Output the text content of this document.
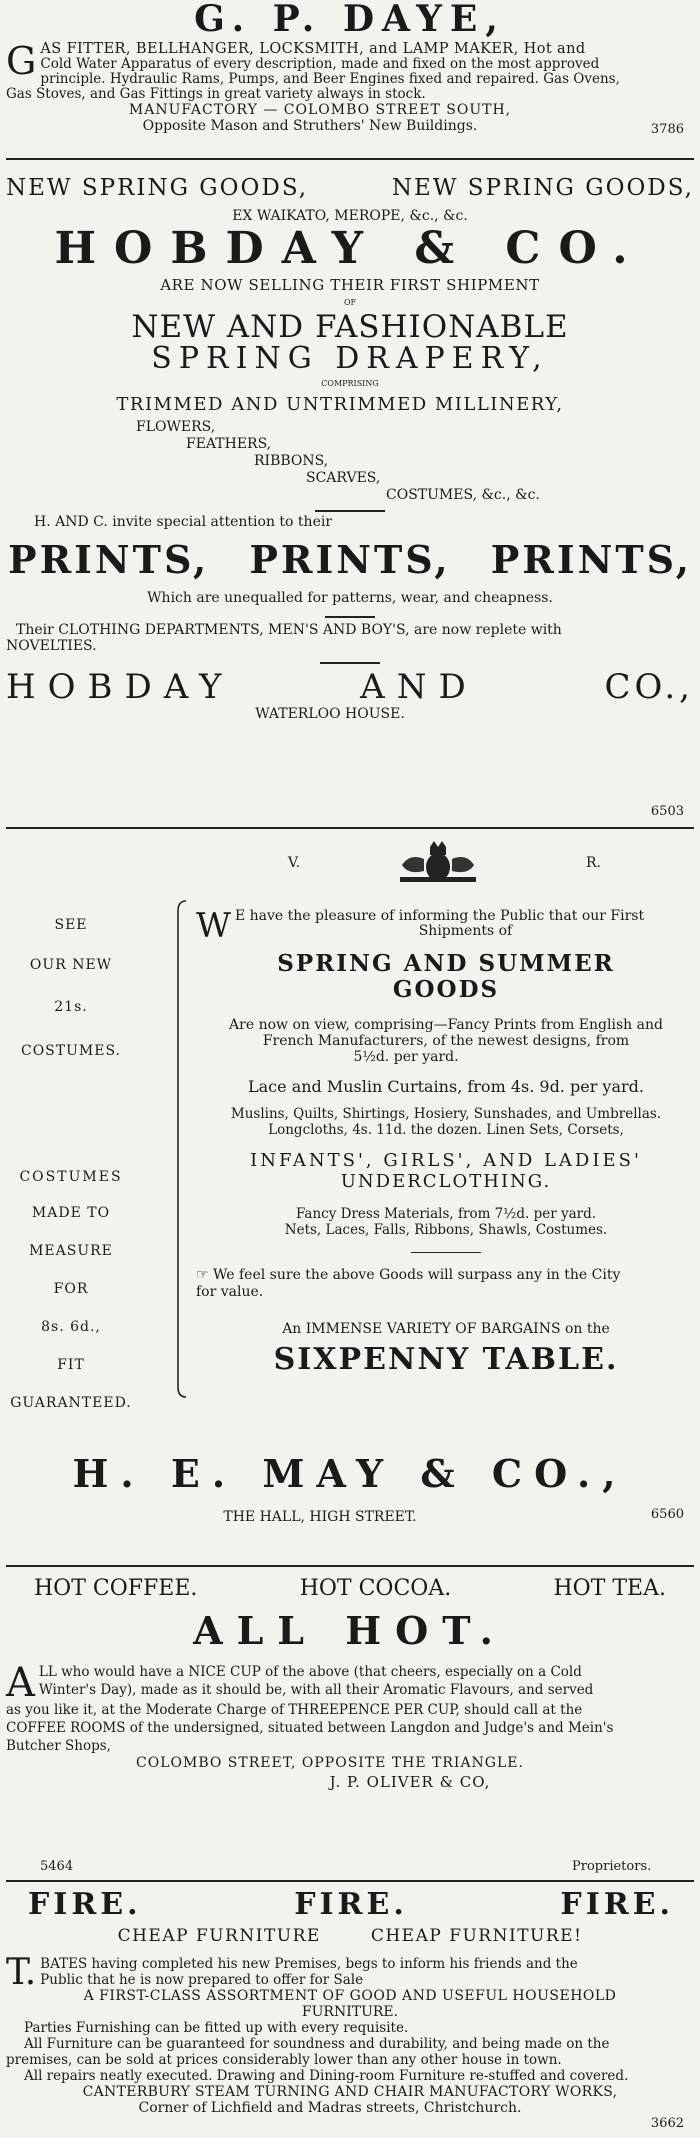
G. P. DAYE,
G AS FITTER, BELLHANGER, LOCKSMITH, and LAMP MAKER, Hot and
Cold Water Apparatus of every description, made and fixed on the most approved
principle. Hydraulic Rams, Pumps, and Beer Engines fixed and repaired. Gas Ovens,
Gas Stoves, and Gas Fittings in great variety always in stock.
MANUFACTORY — COLOMBO STREET SOUTH,
Opposite Mason and Struthers' New Buildings.	3786
NEW SPRING GOODS,	NEW SPRING GOODS,
EX WAIKATO, MEROPE, &c., &c.
HOBDAY & CO.
ARE NOW SELLING THEIR FIRST SHIPMENT
OF
NEW AND FASHIONABLE
SPRING DRAPERY,
COMPRISING
TRIMMED AND UNTRIMMED MILLINERY,
FLOWERS,
FEATHERS,
RIBBONS,
SCARVES,
COSTUMES, &c., &c.
H. AND C. invite special attention to their
PRINTS, PRINTS, PRINTS,
Which are unequalled for patterns, wear, and cheapness.
Their CLOTHING DEPARTMENTS, MEN'S AND BOY'S, are now replete with
NOVELTIES.
HOBDAY	AND	CO.,
WATERLOO HOUSE.
6503
V.	R.
SEE
OUR NEW
21s.
COSTUMES.
COSTUMES
MADE TO
MEASURE
FOR
8s. 6d.,
FIT
GUARANTEED.
W E have the pleasure of informing the Public that our First
Shipments of
SPRING AND SUMMER
GOODS
Are now on view, comprising—Fancy Prints from English and
French Manufacturers, of the newest designs, from
5½d. per yard.
Lace and Muslin Curtains, from 4s. 9d. per yard.
Muslins, Quilts, Shirtings, Hosiery, Sunshades, and Umbrellas.
Longcloths, 4s. 11d. the dozen. Linen Sets, Corsets,
INFANTS', GIRLS', AND LADIES'
UNDERCLOTHING.
Fancy Dress Materials, from 7½d. per yard.
Nets, Laces, Falls, Ribbons, Shawls, Costumes.
☞ We feel sure the above Goods will surpass any in the City
for value.
An IMMENSE VARIETY OF BARGAINS on the
SIXPENNY TABLE.
H. E. MAY & CO.,
THE HALL, HIGH STREET.	6560
HOT COFFEE.	HOT COCOA.	HOT TEA.
ALL HOT.
A LL who would have a NICE CUP of the above (that cheers, especially on a Cold
Winter's Day), made as it should be, with all their Aromatic Flavours, and served
as you like it, at the Moderate Charge of THREEPENCE PER CUP, should call at the
COFFEE ROOMS of the undersigned, situated between Langdon and Judge's and Mein's
Butcher Shops,
COLOMBO STREET, OPPOSITE THE TRIANGLE.
J. P. OLIVER & CO,
5464	Proprietors.
FIRE.	FIRE.	FIRE.
CHEAP FURNITURE	CHEAP FURNITURE!
T. BATES having completed his new Premises, begs to inform his friends and the
Public that he is now prepared to offer for Sale
A FIRST-CLASS ASSORTMENT OF GOOD AND USEFUL HOUSEHOLD
FURNITURE.
Parties Furnishing can be fitted up with every requisite.
All Furniture can be guaranteed for soundness and durability, and being made on the
premises, can be sold at prices considerably lower than any other house in town.
All repairs neatly executed. Drawing and Dining-room Furniture re-stuffed and covered.
CANTERBURY STEAM TURNING AND CHAIR MANUFACTORY WORKS,
Corner of Lichfield and Madras streets, Christchurch.
3662
